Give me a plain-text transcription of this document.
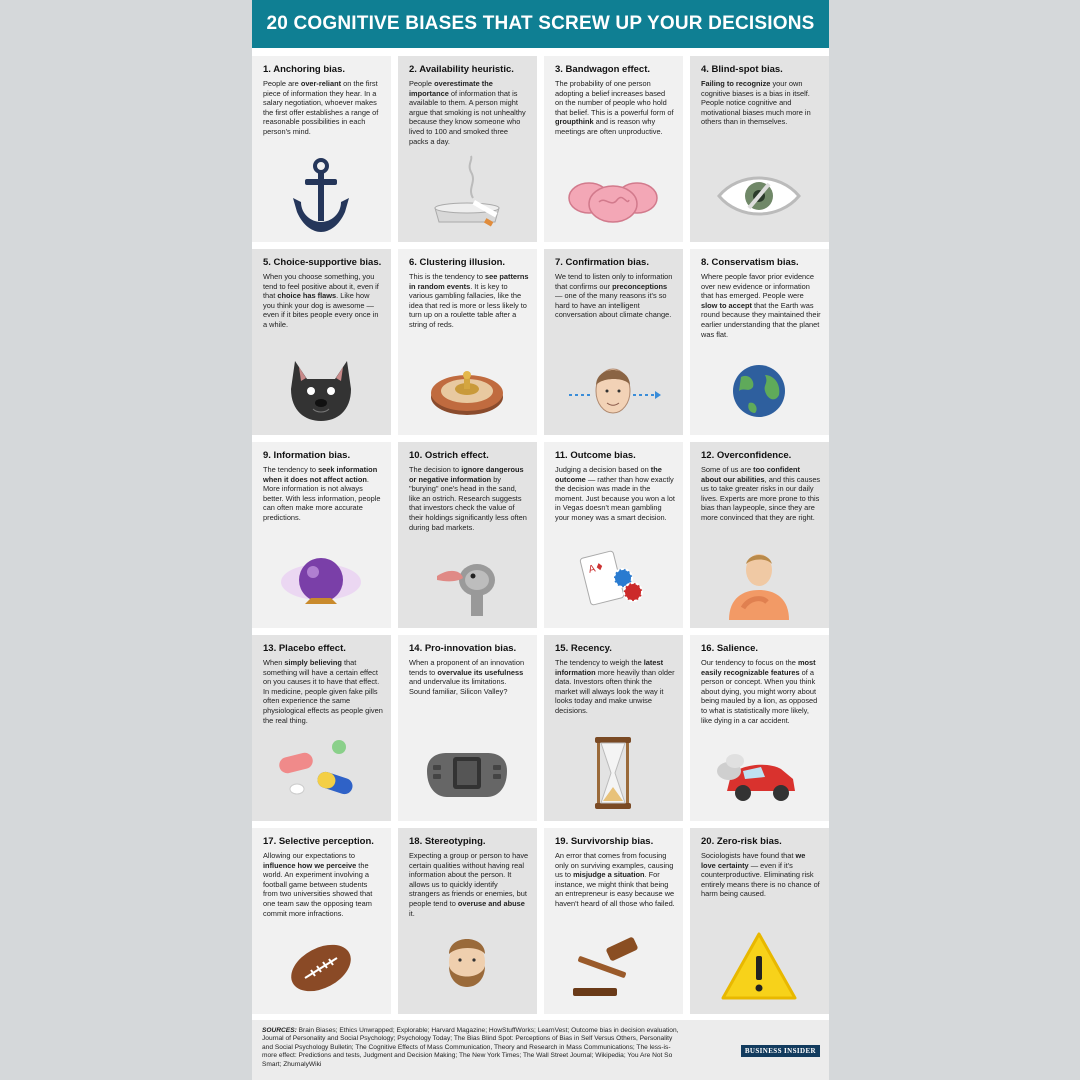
20 COGNITIVE BIASES THAT SCREW UP YOUR DECISIONS
1. Anchoring bias.
People are over-reliant on the first piece of information they hear. In a salary negotiation, whoever makes the first offer establishes a range of reasonable possibilities in each person's mind.
2. Availability heuristic.
People overestimate the importance of information that is available to them. A person might argue that smoking is not unhealthy because they know someone who lived to 100 and smoked three packs a day.
3. Bandwagon effect.
The probability of one person adopting a belief increases based on the number of people who hold that belief. This is a powerful form of groupthink and is reason why meetings are often unproductive.
4. Blind-spot bias.
Failing to recognize your own cognitive biases is a bias in itself. People notice cognitive and motivational biases much more in others than in themselves.
5. Choice-supportive bias.
When you choose something, you tend to feel positive about it, even if that choice has flaws. Like how you think your dog is awesome — even if it bites people every once in a while.
6. Clustering illusion.
This is the tendency to see patterns in random events. It is key to various gambling fallacies, like the idea that red is more or less likely to turn up on a roulette table after a string of reds.
7. Confirmation bias.
We tend to listen only to information that confirms our preconceptions — one of the many reasons it's so hard to have an intelligent conversation about climate change.
8. Conservatism bias.
Where people favor prior evidence over new evidence or information that has emerged. People were slow to accept that the Earth was round because they maintained their earlier understanding that the planet was flat.
9. Information bias.
The tendency to seek information when it does not affect action. More information is not always better. With less information, people can often make more accurate predictions.
10. Ostrich effect.
The decision to ignore dangerous or negative information by "burying" one's head in the sand, like an ostrich. Research suggests that investors check the value of their holdings significantly less often during bad markets.
11. Outcome bias.
Judging a decision based on the outcome — rather than how exactly the decision was made in the moment. Just because you won a lot in Vegas doesn't mean gambling your money was a smart decision.
A♦
12. Overconfidence.
Some of us are too confident about our abilities, and this causes us to take greater risks in our daily lives. Experts are more prone to this bias than laypeople, since they are more convinced that they are right.
13. Placebo effect.
When simply believing that something will have a certain effect on you causes it to have that effect. In medicine, people given fake pills often experience the same physiological effects as people given the real thing.
14. Pro-innovation bias.
When a proponent of an innovation tends to overvalue its usefulness and undervalue its limitations. Sound familiar, Silicon Valley?
15. Recency.
The tendency to weigh the latest information more heavily than older data. Investors often think the market will always look the way it looks today and make unwise decisions.
16. Salience.
Our tendency to focus on the most easily recognizable features of a person or concept. When you think about dying, you might worry about being mauled by a lion, as opposed to what is statistically more likely, like dying in a car accident.
17. Selective perception.
Allowing our expectations to influence how we perceive the world. An experiment involving a football game between students from two universities showed that one team saw the opposing team commit more infractions.
18. Stereotyping.
Expecting a group or person to have certain qualities without having real information about the person. It allows us to quickly identify strangers as friends or enemies, but people tend to overuse and abuse it.
19. Survivorship bias.
An error that comes from focusing only on surviving examples, causing us to misjudge a situation. For instance, we might think that being an entrepreneur is easy because we haven't heard of all those who failed.
20. Zero-risk bias.
Sociologists have found that we love certainty — even if it's counterproductive. Eliminating risk entirely means there is no chance of harm being caused.
SOURCES: Brain Biases; Ethics Unwrapped; Explorable; Harvard Magazine; HowStuffWorks; LearnVest; Outcome bias in decision evaluation, Journal of Personality and Social Psychology; Psychology Today; The Bias Blind Spot: Perceptions of Bias in Self Versus Others, Personality and Social Psychology Bulletin; The Cognitive Effects of Mass Communication, Theory and Research in Mass Communications; The less-is-more effect: Predictions and tests, Judgment and Decision Making; The New York Times; The Wall Street Journal; Wikipedia; You Are Not So Smart; ZhurnalyWiki
BUSINESS INSIDER
